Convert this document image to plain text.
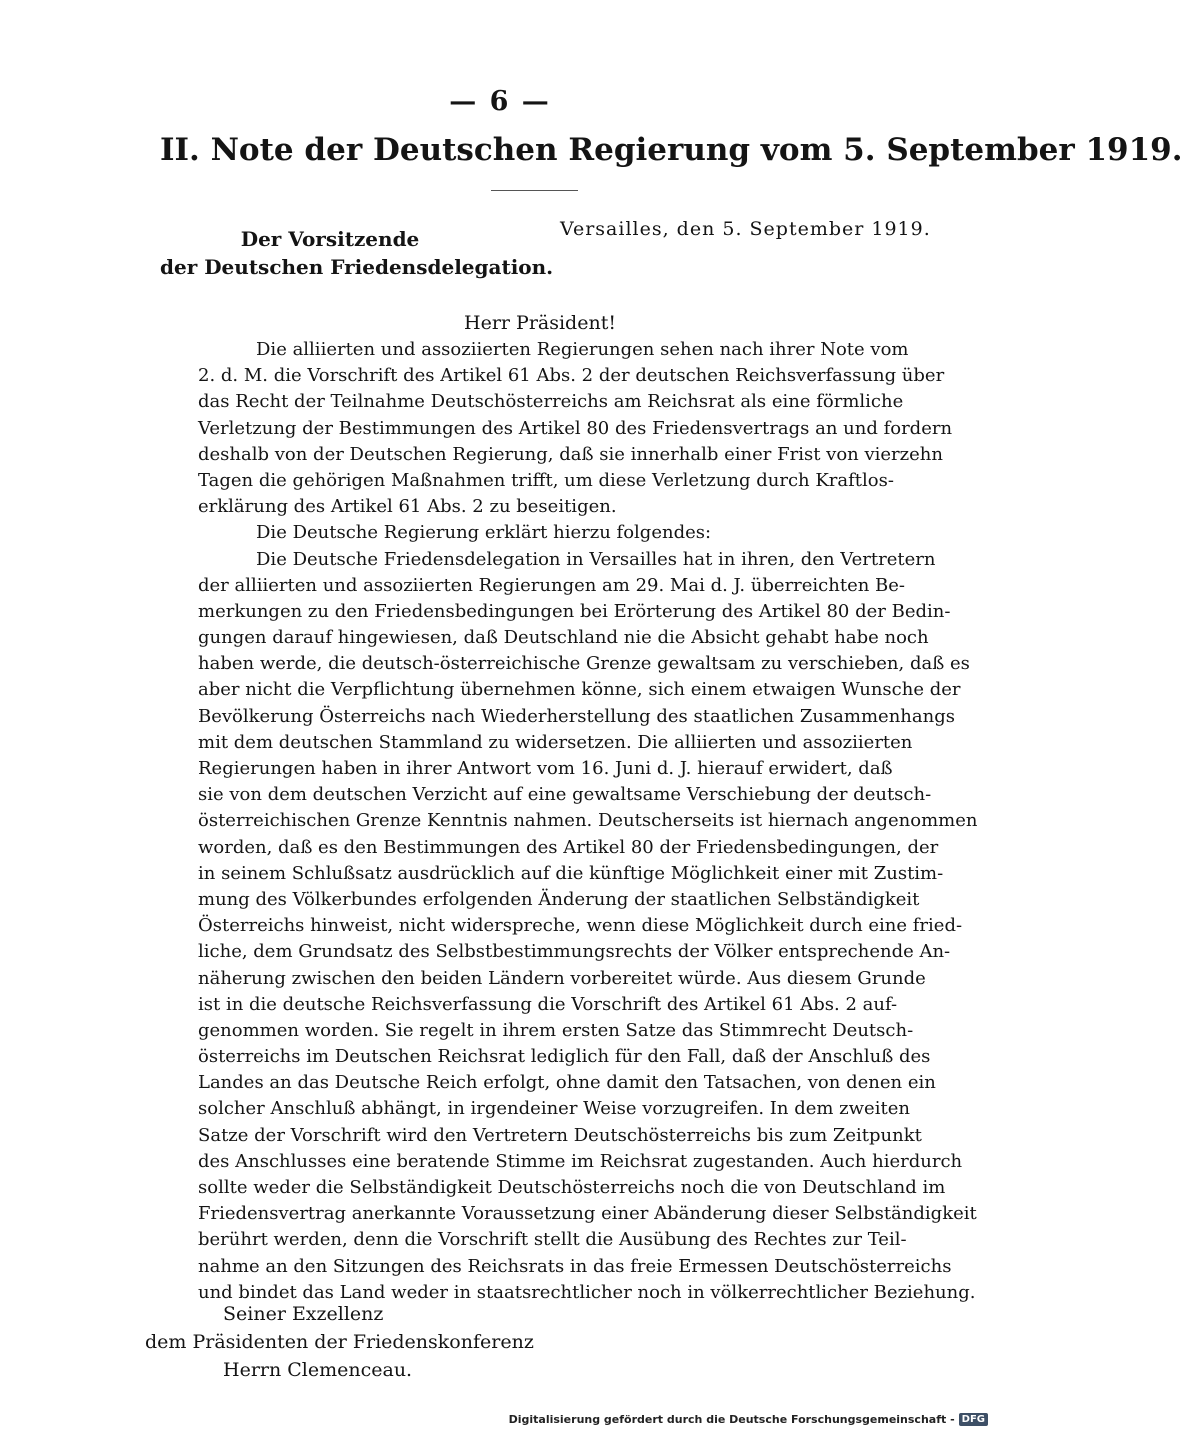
— 6 —
II. Note der Deutschen Regierung vom 5. September 1919.
Der Vorsitzende
der Deutschen Friedensdelegation.
Versailles, den 5. September 1919.
Herr Präsident!
Die alliierten und assoziierten Regierungen sehen nach ihrer Note vom
2. d. M. die Vorschrift des Artikel 61 Abs. 2 der deutschen Reichsverfassung über
das Recht der Teilnahme Deutschösterreichs am Reichsrat als eine förmliche
Verletzung der Bestimmungen des Artikel 80 des Friedensvertrags an und fordern
deshalb von der Deutschen Regierung, daß sie innerhalb einer Frist von vierzehn
Tagen die gehörigen Maßnahmen trifft, um diese Verletzung durch Kraftlos-
erklärung des Artikel 61 Abs. 2 zu beseitigen.
Die Deutsche Regierung erklärt hierzu folgendes:
Die Deutsche Friedensdelegation in Versailles hat in ihren, den Vertretern
der alliierten und assoziierten Regierungen am 29. Mai d. J. überreichten Be-
merkungen zu den Friedensbedingungen bei Erörterung des Artikel 80 der Bedin-
gungen darauf hingewiesen, daß Deutschland nie die Absicht gehabt habe noch
haben werde, die deutsch-österreichische Grenze gewaltsam zu verschieben, daß es
aber nicht die Verpflichtung übernehmen könne, sich einem etwaigen Wunsche der
Bevölkerung Österreichs nach Wiederherstellung des staatlichen Zusammenhangs
mit dem deutschen Stammland zu widersetzen. Die alliierten und assoziierten
Regierungen haben in ihrer Antwort vom 16. Juni d. J. hierauf erwidert, daß
sie von dem deutschen Verzicht auf eine gewaltsame Verschiebung der deutsch-
österreichischen Grenze Kenntnis nahmen. Deutscherseits ist hiernach angenommen
worden, daß es den Bestimmungen des Artikel 80 der Friedensbedingungen, der
in seinem Schlußsatz ausdrücklich auf die künftige Möglichkeit einer mit Zustim-
mung des Völkerbundes erfolgenden Änderung der staatlichen Selbständigkeit
Österreichs hinweist, nicht widerspreche, wenn diese Möglichkeit durch eine fried-
liche, dem Grundsatz des Selbstbestimmungsrechts der Völker entsprechende An-
näherung zwischen den beiden Ländern vorbereitet würde. Aus diesem Grunde
ist in die deutsche Reichsverfassung die Vorschrift des Artikel 61 Abs. 2 auf-
genommen worden. Sie regelt in ihrem ersten Satze das Stimmrecht Deutsch-
österreichs im Deutschen Reichsrat lediglich für den Fall, daß der Anschluß des
Landes an das Deutsche Reich erfolgt, ohne damit den Tatsachen, von denen ein
solcher Anschluß abhängt, in irgendeiner Weise vorzugreifen. In dem zweiten
Satze der Vorschrift wird den Vertretern Deutschösterreichs bis zum Zeitpunkt
des Anschlusses eine beratende Stimme im Reichsrat zugestanden. Auch hierdurch
sollte weder die Selbständigkeit Deutschösterreichs noch die von Deutschland im
Friedensvertrag anerkannte Voraussetzung einer Abänderung dieser Selbständigkeit
berührt werden, denn die Vorschrift stellt die Ausübung des Rechtes zur Teil-
nahme an den Sitzungen des Reichsrats in das freie Ermessen Deutschösterreichs
und bindet das Land weder in staatsrechtlicher noch in völkerrechtlicher Beziehung.
Seiner Exzellenz
dem Präsidenten der Friedenskonferenz
Herrn Clemenceau.
Digitalisierung gefördert durch die Deutsche Forschungsgemeinschaft - DFG
